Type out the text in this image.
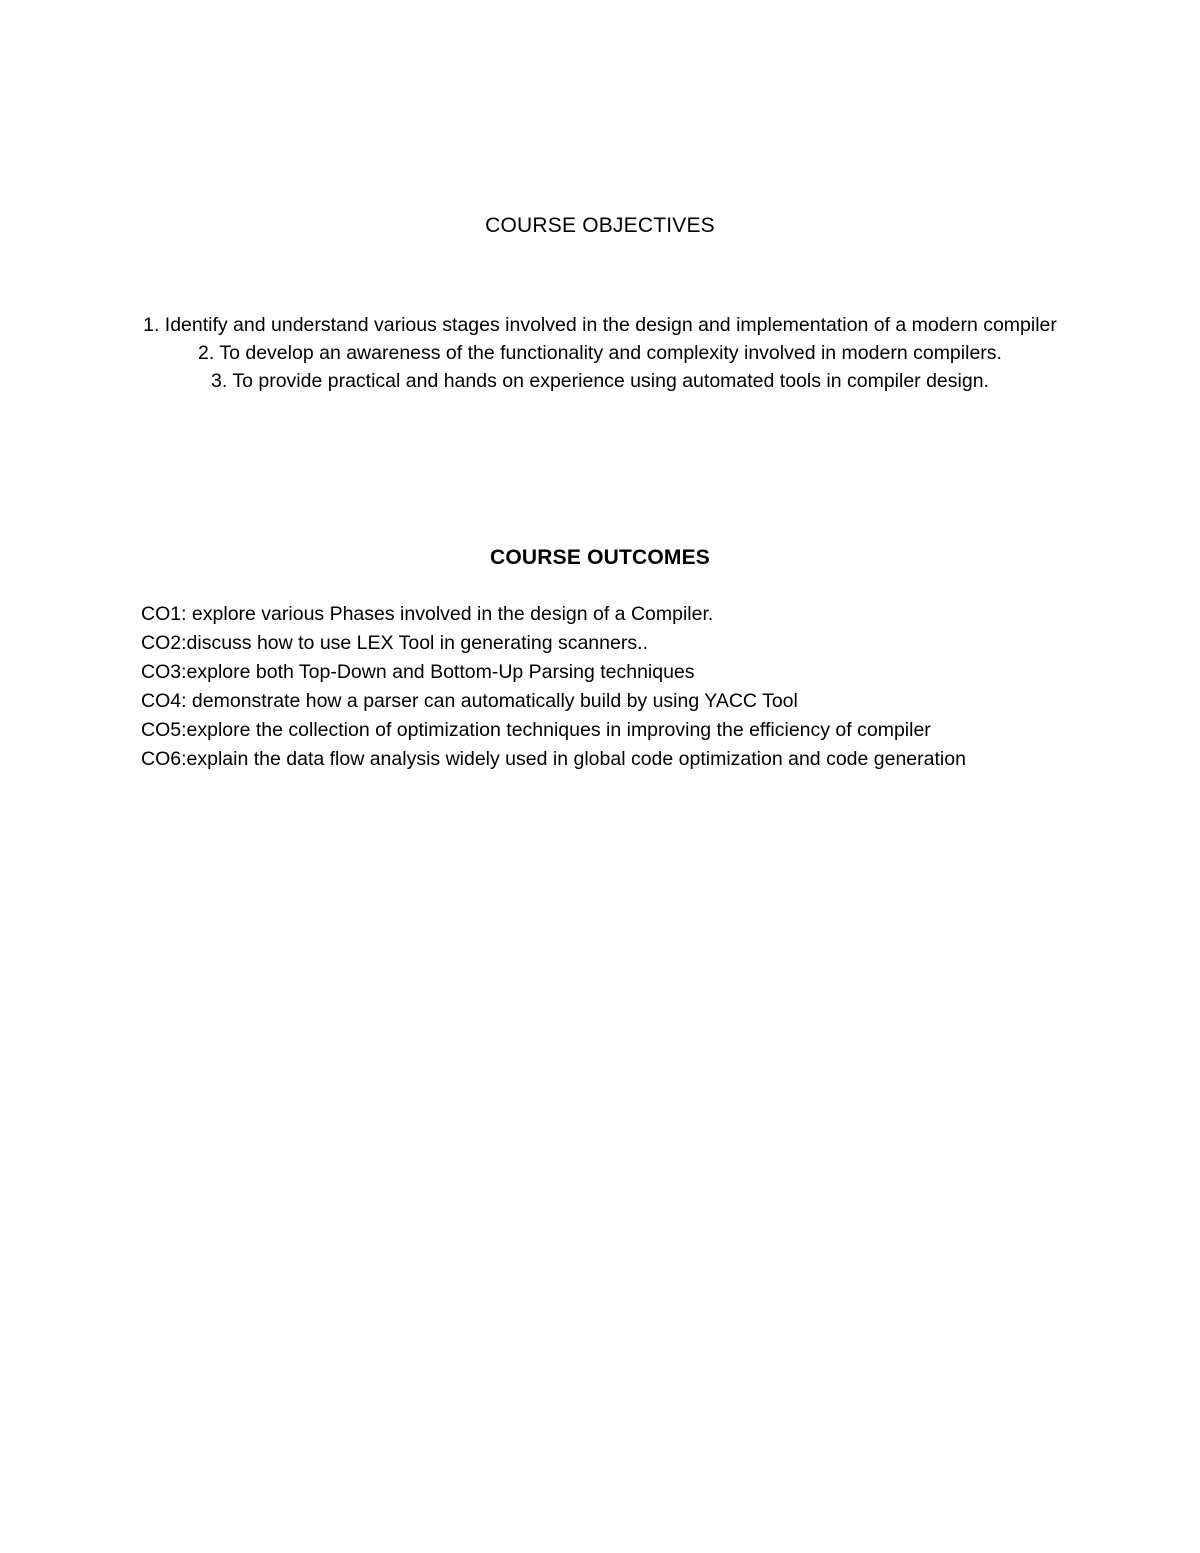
COURSE OBJECTIVES
1. Identify and understand various stages involved in the design and implementation of a modern compiler
2. To develop an awareness of the functionality and complexity involved in modern compilers.
3. To provide practical and hands on experience using automated tools in compiler design.
COURSE OUTCOMES
CO1: explore various Phases involved in the design of a Compiler.
CO2:discuss how to use LEX Tool in generating scanners..
CO3:explore both Top-Down and Bottom-Up Parsing techniques
CO4: demonstrate how a parser can automatically build by using YACC Tool
CO5:explore the collection of optimization techniques in improving the efficiency of compiler
CO6:explain the data flow analysis widely used in global code optimization and code generation
